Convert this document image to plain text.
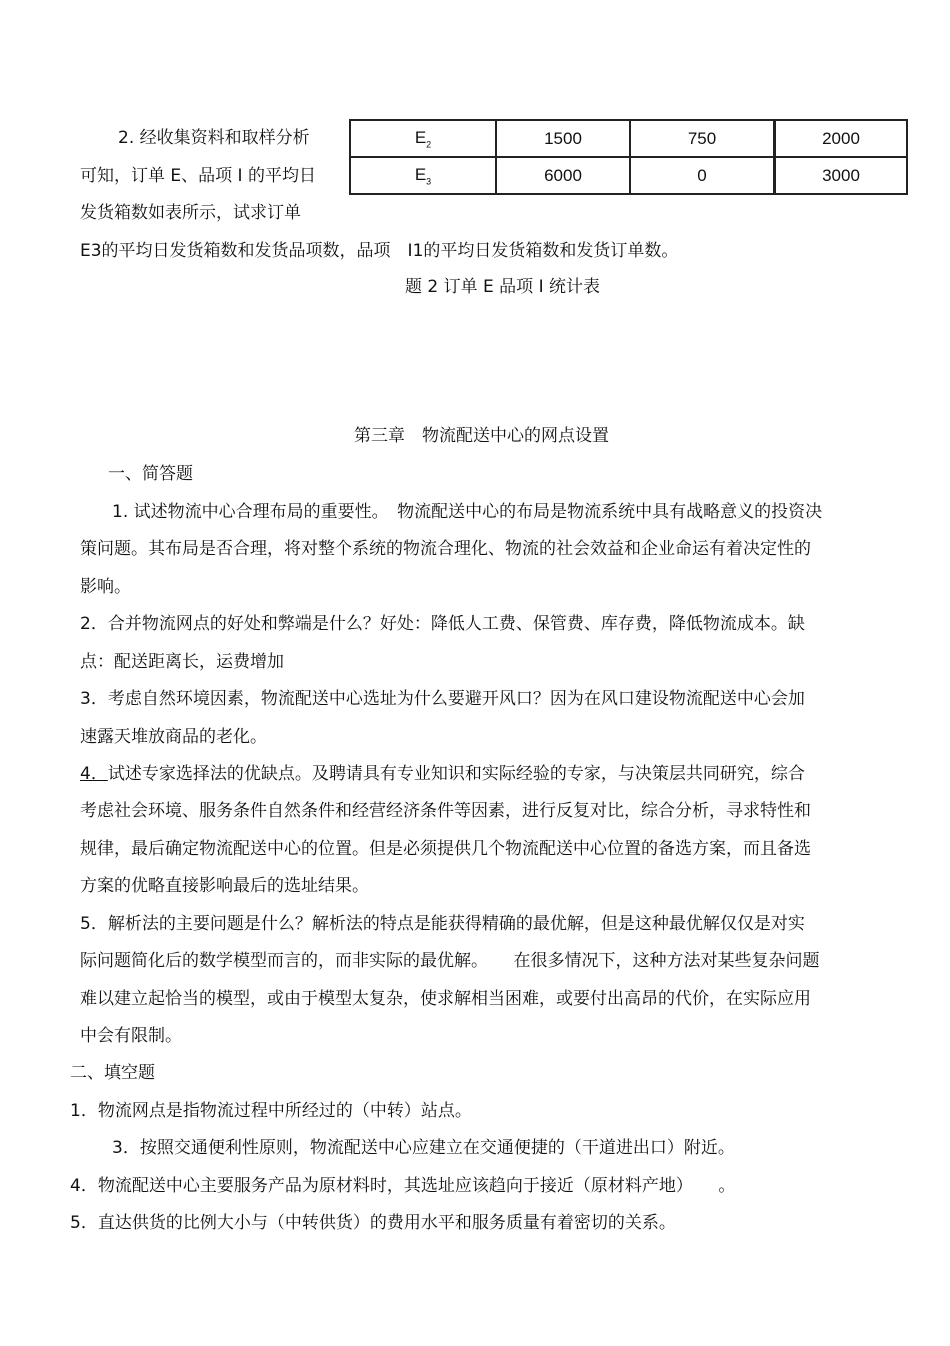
2. 经收集资料和取样分析
可知，订单 E、品项 I 的平均日
发货箱数如表所示，试求订单
E3的平均日发货箱数和发货品项数，品项　I1的平均日发货箱数和发货订单数。
$E_2$	1500	750	2000
$E_3$	6000	0	3000
题 2 订单 E 品项 I 统计表
第三章　物流配送中心的网点设置
一、简答题
1. 试述物流中心合理布局的重要性。　物流配送中心的布局是物流系统中具有战略意义的投资决
策问题。其布局是否合理，将对整个系统的物流合理化、物流的社会效益和企业命运有着决定性的
影响。
2．合并物流网点的好处和弊端是什么？好处：降低人工费、保管费、库存费，降低物流成本。缺
点：配送距离长，运费增加
3．考虑自然环境因素，物流配送中心选址为什么要避开风口？因为在风口建设物流配送中心会加
速露天堆放商品的老化。
4．试述专家选择法的优缺点。及聘请具有专业知识和实际经验的专家，与决策层共同研究，综合
考虑社会环境、服务条件自然条件和经营经济条件等因素，进行反复对比，综合分析，寻求特性和
规律，最后确定物流配送中心的位置。但是必须提供几个物流配送中心位置的备选方案，而且备选
方案的优略直接影响最后的选址结果。
5．解析法的主要问题是什么？解析法的特点是能获得精确的最优解，但是这种最优解仅仅是对实
际问题简化后的数学模型而言的，而非实际的最优解。　　在很多情况下，这种方法对某些复杂问题
难以建立起恰当的模型，或由于模型太复杂，使求解相当困难，或要付出高昂的代价，在实际应用
中会有限制。
二、填空题
1．物流网点是指物流过程中所经过的（中转）站点。
3．按照交通便利性原则，物流配送中心应建立在交通便捷的（干道进出口）附近。
4．物流配送中心主要服务产品为原材料时，其选址应该趋向于接近（原材料产地）　　。
5．直达供货的比例大小与（中转供货）的费用水平和服务质量有着密切的关系。
